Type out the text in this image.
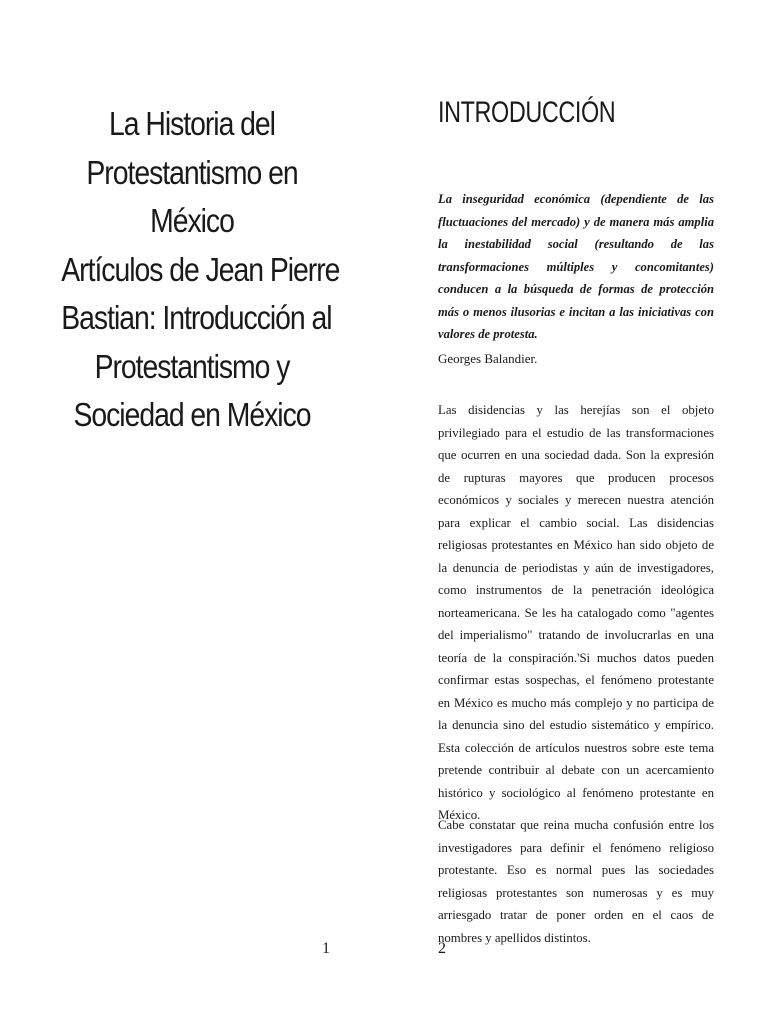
La Historia del
Protestantismo en
México
Artículos de Jean Pierre
Bastian: Introducción al
Protestantismo y
Sociedad en México
1
INTRODUCCIÓN
La inseguridad económica (dependiente de las fluctuaciones del mercado) y de manera más amplia la inestabilidad social (resultando de las transformaciones múltiples y concomitantes) conducen a la búsqueda de formas de protección más o menos ilusorias e incitan a las iniciativas con valores de protesta.
Georges Balandier.
Las disidencias y las herejías son el objeto privilegiado para el estudio de las transformaciones que ocurren en una sociedad dada. Son la expresión de rupturas mayores que producen procesos económicos y sociales y merecen nuestra atención para explicar el cambio social. Las disidencias religiosas protestantes en México han sido objeto de la denuncia de periodistas y aún de investigadores, como instrumentos de la penetración ideológica norteamericana. Se les ha catalogado como "agentes del imperialismo" tratando de involucrarlas en una teoría de la conspiración.'Si muchos datos pueden confirmar estas sospechas, el fenómeno protestante en México es mucho más complejo y no participa de la denuncia sino del estudio sistemático y empírico. Esta colección de artículos nuestros sobre este tema pretende contribuir al debate con un acercamiento histórico y sociológico al fenómeno protestante en México.
Cabe constatar que reina mucha confusión entre los investigadores para definir el fenómeno religioso protestante. Eso es normal pues las sociedades religiosas protestantes son numerosas y es muy arriesgado tratar de poner orden en el caos de nombres y apellidos distintos.
2
